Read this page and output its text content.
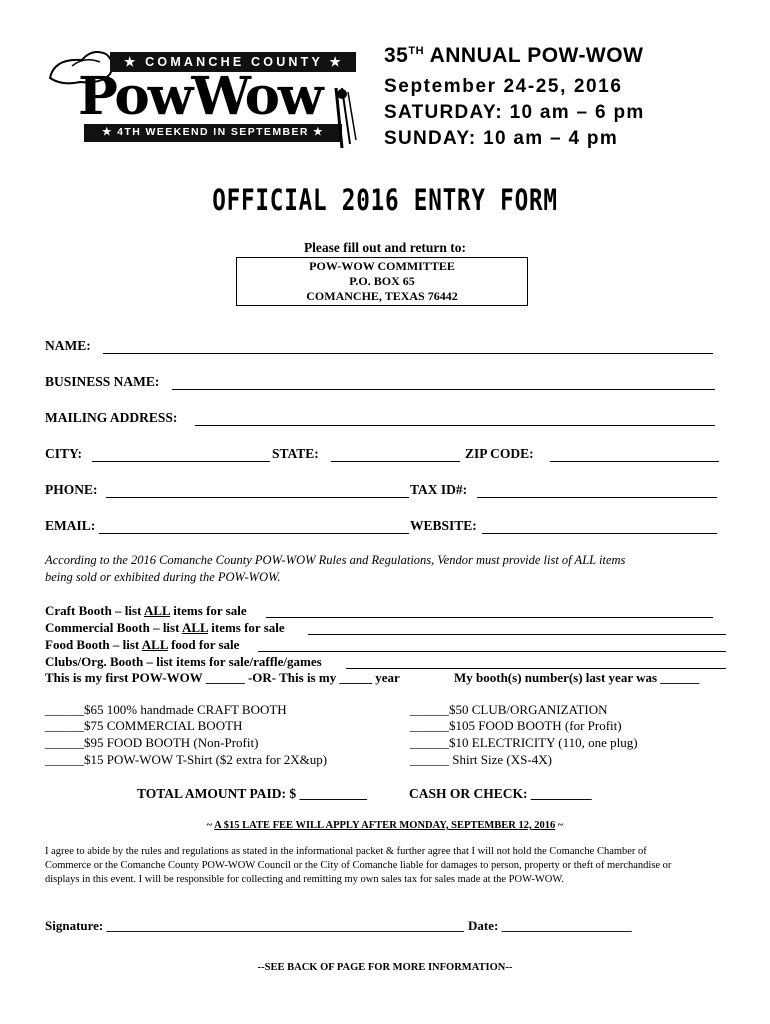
★ COMANCHE COUNTY ★
PowWow
★ 4TH WEEKEND IN SEPTEMBER ★
35TH ANNUAL POW-WOW
September 24-25, 2016
SATURDAY: 10 am – 6 pm
SUNDAY: 10 am – 4 pm
OFFICIAL 2016 ENTRY FORM
Please fill out and return to:
POW-WOW COMMITTEE
P.O. BOX 65
COMANCHE, TEXAS 76442
NAME:
BUSINESS NAME:
MAILING ADDRESS:
CITY:	STATE:	ZIP CODE:
PHONE:	TAX ID#:
EMAIL:	WEBSITE:
According to the 2016 Comanche County POW-WOW Rules and Regulations, Vendor must provide list of ALL items
being sold or exhibited during the POW-WOW.
Craft Booth – list ALL items for sale
Commercial Booth – list ALL items for sale
Food Booth – list ALL food for sale
Clubs/Org. Booth – list items for sale/raffle/games
This is my first POW-WOW ______ -OR- This is my _____ year	My booth(s) number(s) last year was ______
______$65 100% handmade CRAFT BOOTH
______$75 COMMERCIAL BOOTH
______$95 FOOD BOOTH (Non-Profit)
______$15 POW-WOW T-Shirt ($2 extra for 2X&up)
______$50 CLUB/ORGANIZATION
______$105 FOOD BOOTH (for Profit)
______$10 ELECTRICITY (110, one plug)
______ Shirt Size (XS-4X)
TOTAL AMOUNT PAID: $ __________	CASH OR CHECK: _________
~ A $15 LATE FEE WILL APPLY AFTER MONDAY, SEPTEMBER 12, 2016 ~
I agree to abide by the rules and regulations as stated in the informational packet & further agree that I will not hold the Comanche Chamber of
Commerce or the Comanche County POW-WOW Council or the City of Comanche liable for damages to person, property or theft of merchandise or
displays in this event. I will be responsible for collecting and remitting my own sales tax for sales made at the POW-WOW.
Signature: _______________________________________________________ Date: ____________________
--SEE BACK OF PAGE FOR MORE INFORMATION--
